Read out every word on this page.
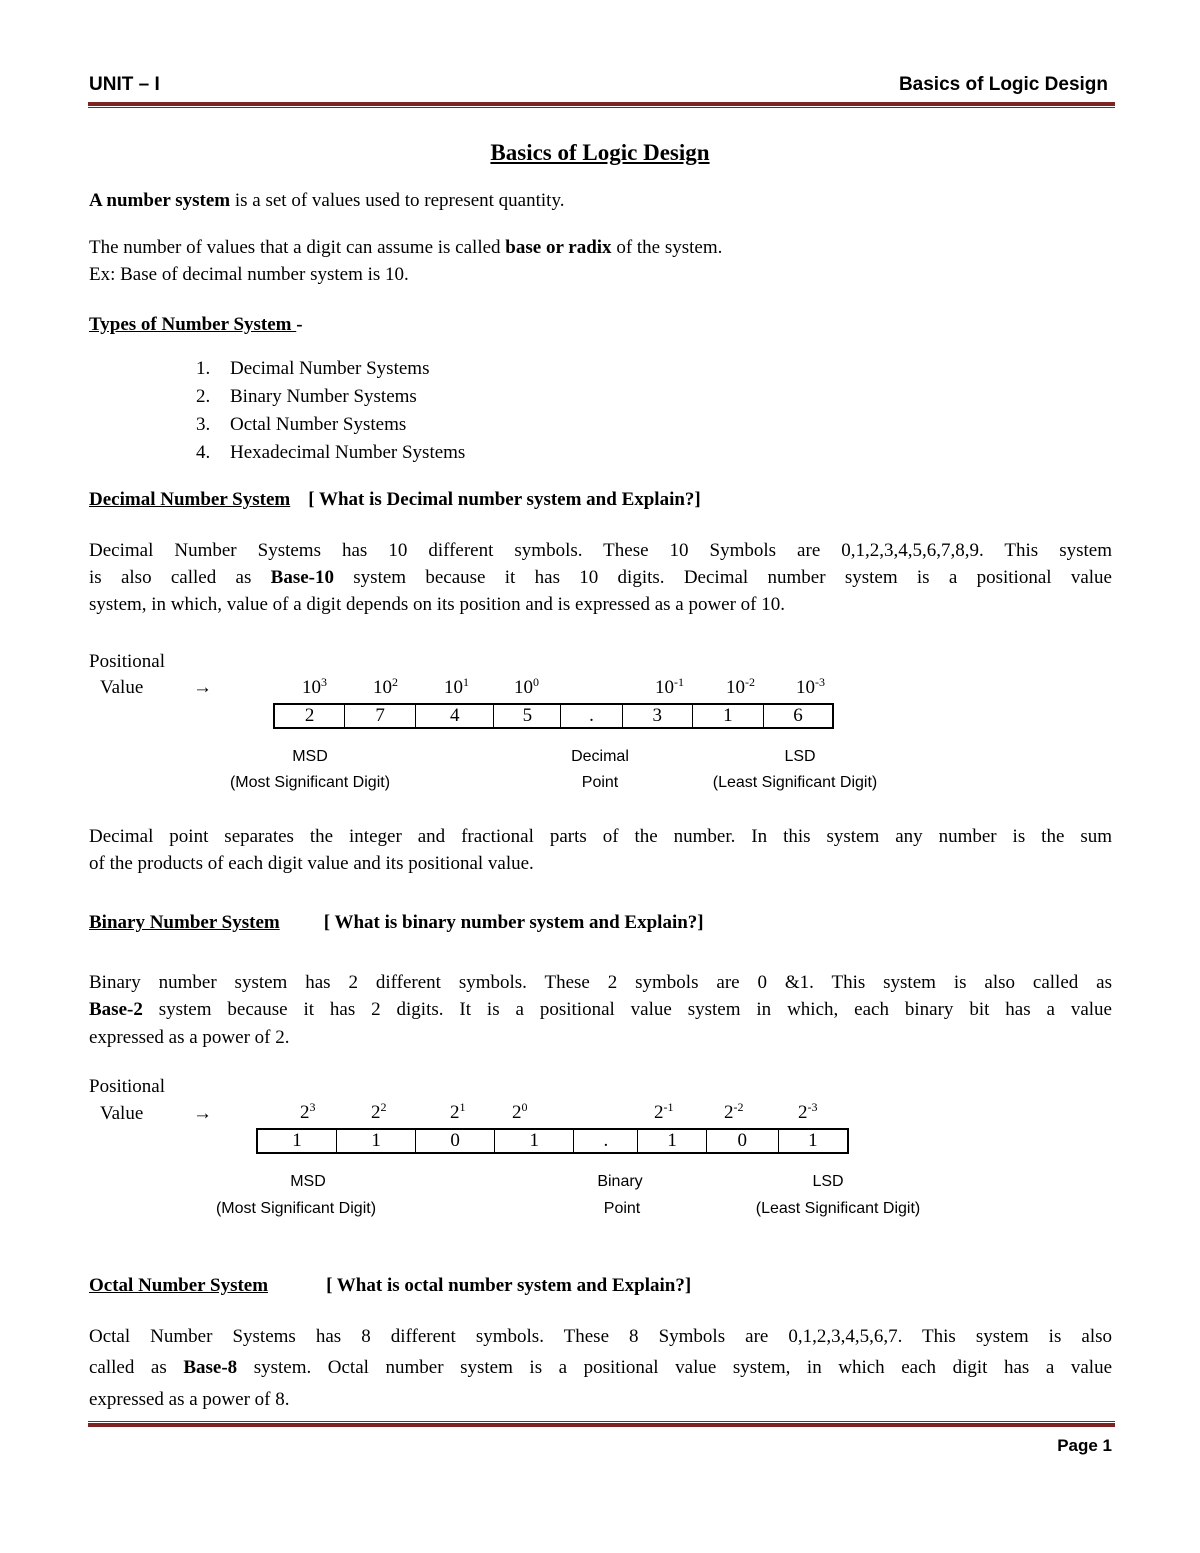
UNIT – I	Basics of Logic Design
Basics of Logic Design
A number system is a set of values used to represent quantity.
The number of values that a digit can assume is called base or radix of the system.
Ex: Base of decimal number system is 10.
Types of Number System -
1. Decimal Number Systems
2. Binary Number Systems
3. Octal Number Systems
4. Hexadecimal Number Systems
Decimal Number System [ What is Decimal number system and Explain?]
Decimal Number Systems has 10 different symbols. These 10 Symbols are 0,1,2,3,4,5,6,7,8,9. This system
is also called as Base-10 system because it has 10 digits. Decimal number system is a positional value
system, in which, value of a digit depends on its position and is expressed as a power of 10.
Positional
Value	→	$10^3$ $10^2$ $10^1$ $10^0$	$10^{-1}$ $10^{-2}$ $10^{-3}$
2	7	4	5	.	3	1	6
MSD
(Most Significant Digit)
Decimal
Point
LSD
(Least Significant Digit)
Decimal point separates the integer and fractional parts of the number. In this system any number is the sum
of the products of each digit value and its positional value.
Binary Number System [ What is binary number system and Explain?]
Binary number system has 2 different symbols. These 2 symbols are 0 &1. This system is also called as
Base-2 system because it has 2 digits. It is a positional value system in which, each binary bit has a value
expressed as a power of 2.
Positional
Value	→	$2^3$	$2^2$	$2^1$ $2^0$	$2^{-1}$	$2^{-2}$	$2^{-3}$
1	1	0	1	.	1	0	1
MSD
(Most Significant Digit)
Binary
Point
LSD
(Least Significant Digit)
Octal Number System	[ What is octal number system and Explain?]
Octal Number Systems has 8 different symbols. These 8 Symbols are 0,1,2,3,4,5,6,7. This system is also
called as Base-8 system. Octal number system is a positional value system, in which each digit has a value
expressed as a power of 8.
Page 1
